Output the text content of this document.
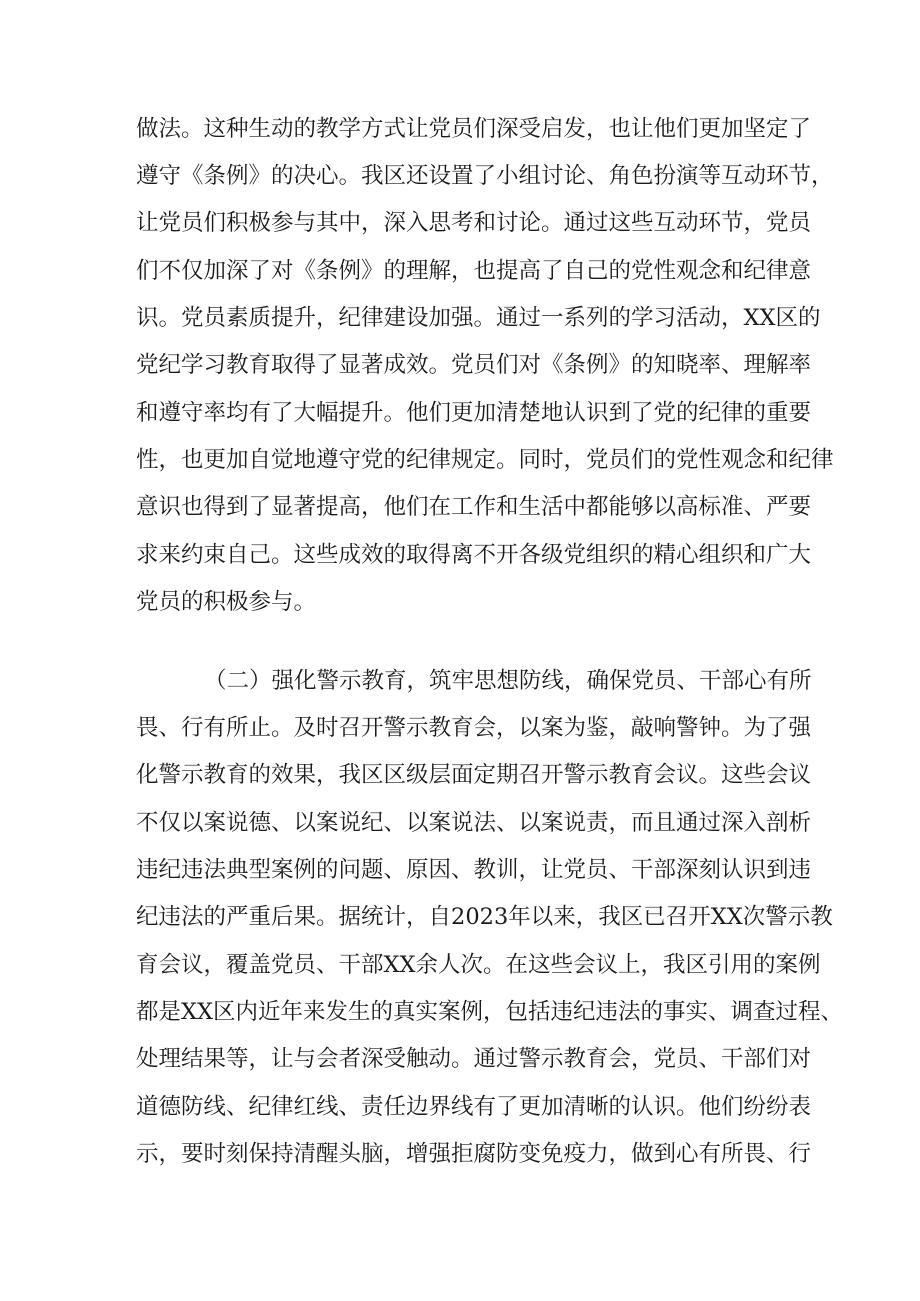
做法。这种生动的教学方式让党员们深受启发，也让他们更加坚定了
遵守《条例》的决心。我区还设置了小组讨论、角色扮演等互动环节，
让党员们积极参与其中，深入思考和讨论。通过这些互动环节，党员
们不仅加深了对《条例》的理解，也提高了自己的党性观念和纪律意
识。党员素质提升，纪律建设加强。通过一系列的学习活动，XX区的
党纪学习教育取得了显著成效。党员们对《条例》的知晓率、理解率
和遵守率均有了大幅提升。他们更加清楚地认识到了党的纪律的重要
性，也更加自觉地遵守党的纪律规定。同时，党员们的党性观念和纪律
意识也得到了显著提高，他们在工作和生活中都能够以高标准、严要
求来约束自己。这些成效的取得离不开各级党组织的精心组织和广大
党员的积极参与。
（二）强化警示教育，筑牢思想防线，确保党员、干部心有所
畏、行有所止。及时召开警示教育会，以案为鉴，敲响警钟。为了强
化警示教育的效果，我区区级层面定期召开警示教育会议。这些会议
不仅以案说德、以案说纪、以案说法、以案说责，而且通过深入剖析
违纪违法典型案例的问题、原因、教训，让党员、干部深刻认识到违
纪违法的严重后果。据统计，自2023年以来，我区已召开XX次警示教
育会议，覆盖党员、干部XX余人次。在这些会议上，我区引用的案例
都是XX区内近年来发生的真实案例，包括违纪违法的事实、调查过程、
处理结果等，让与会者深受触动。通过警示教育会，党员、干部们对
道德防线、纪律红线、责任边界线有了更加清晰的认识。他们纷纷表
示，要时刻保持清醒头脑，增强拒腐防变免疫力，做到心有所畏、行
